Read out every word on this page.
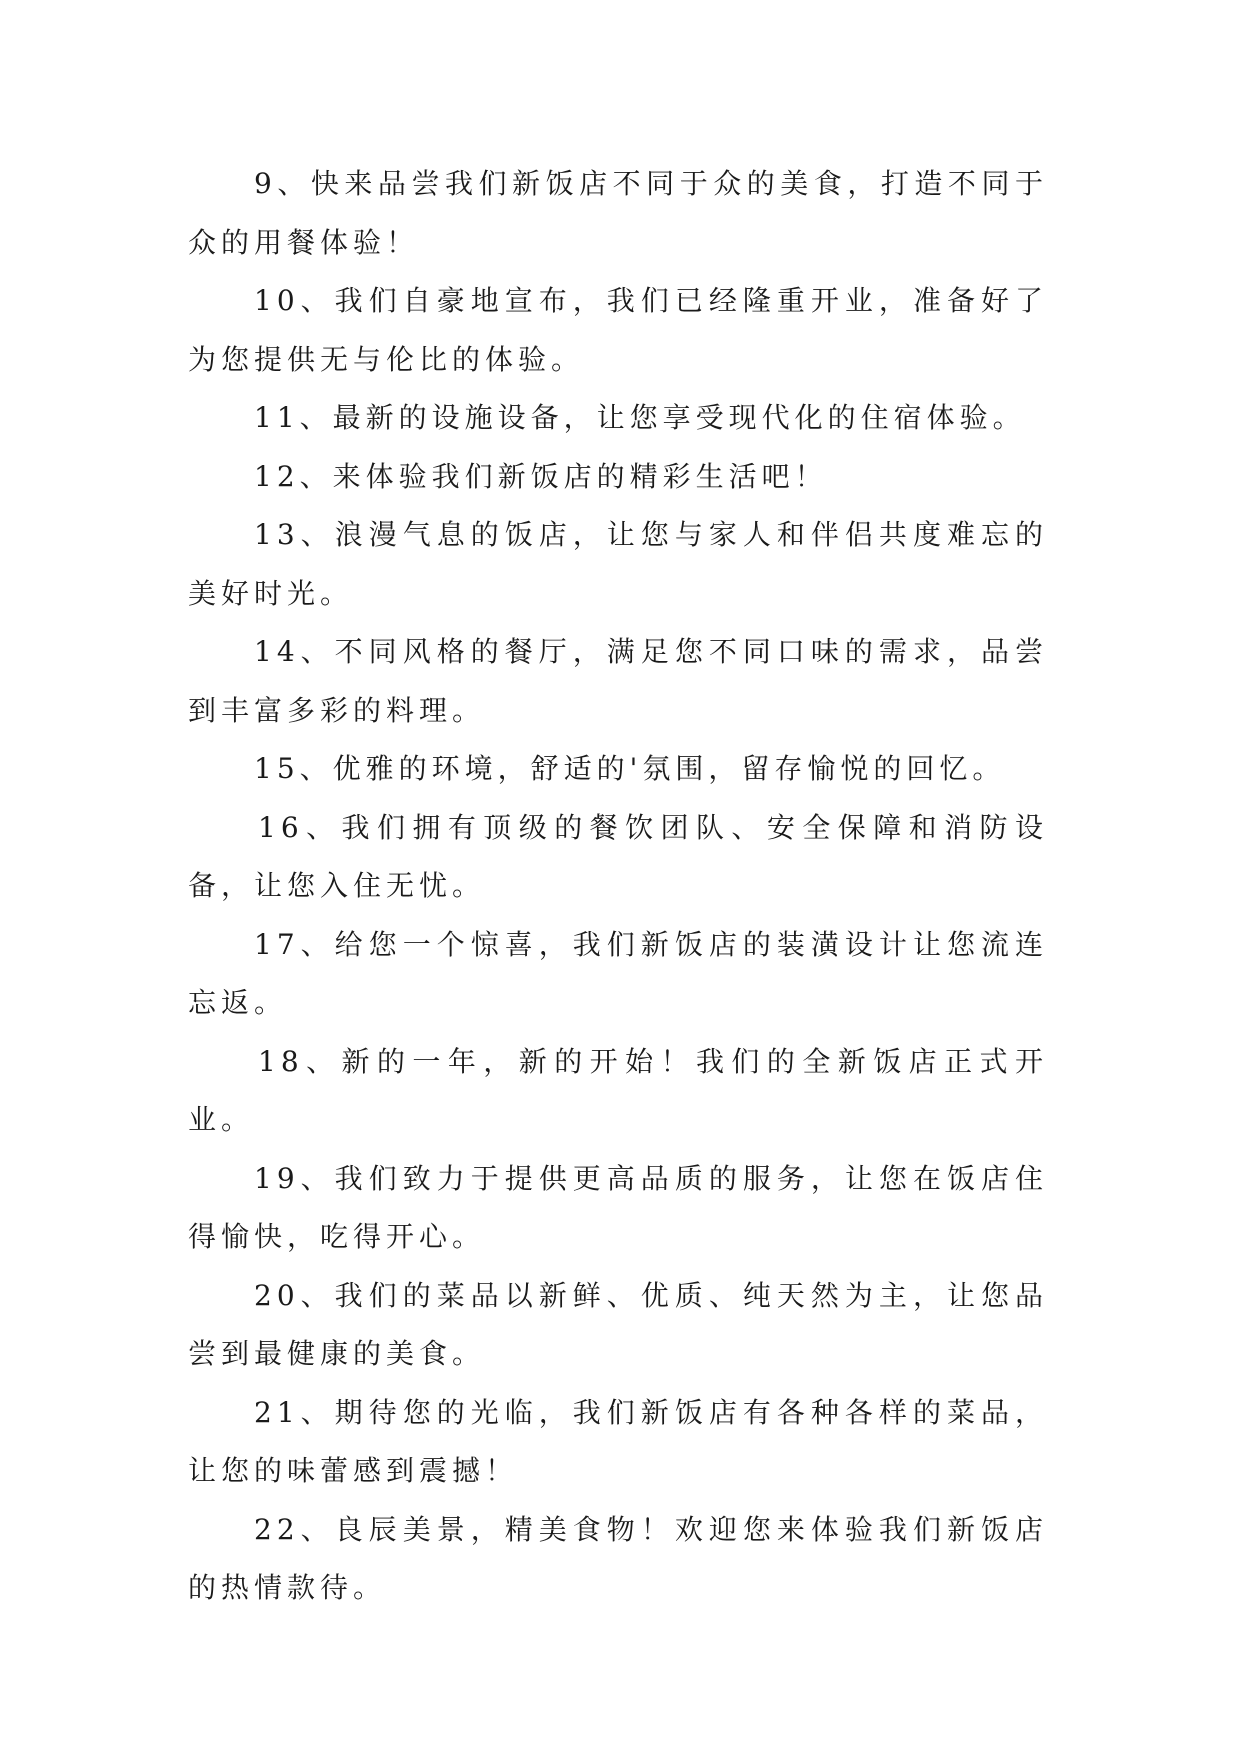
9、快来品尝我们新饭店不同于众的美食，打造不同于众的用餐体验！

10、我们自豪地宣布，我们已经隆重开业，准备好了为您提供无与伦比的体验。

11、最新的设施设备，让您享受现代化的住宿体验。

12、来体验我们新饭店的精彩生活吧！

13、浪漫气息的饭店，让您与家人和伴侣共度难忘的美好时光。

14、不同风格的餐厅，满足您不同口味的需求，品尝到丰富多彩的料理。

15、优雅的环境，舒适的'氛围，留存愉悦的回忆。

16、我们拥有顶级的餐饮团队、安全保障和消防设备，让您入住无忧。

17、给您一个惊喜，我们新饭店的装潢设计让您流连忘返。

18、新的一年，新的开始！我们的全新饭店正式开业。

19、我们致力于提供更高品质的服务，让您在饭店住得愉快，吃得开心。

20、我们的菜品以新鲜、优质、纯天然为主，让您品尝到最健康的美食。

21、期待您的光临，我们新饭店有各种各样的菜品，让您的味蕾感到震撼！

22、良辰美景，精美食物！欢迎您来体验我们新饭店的热情款待。
